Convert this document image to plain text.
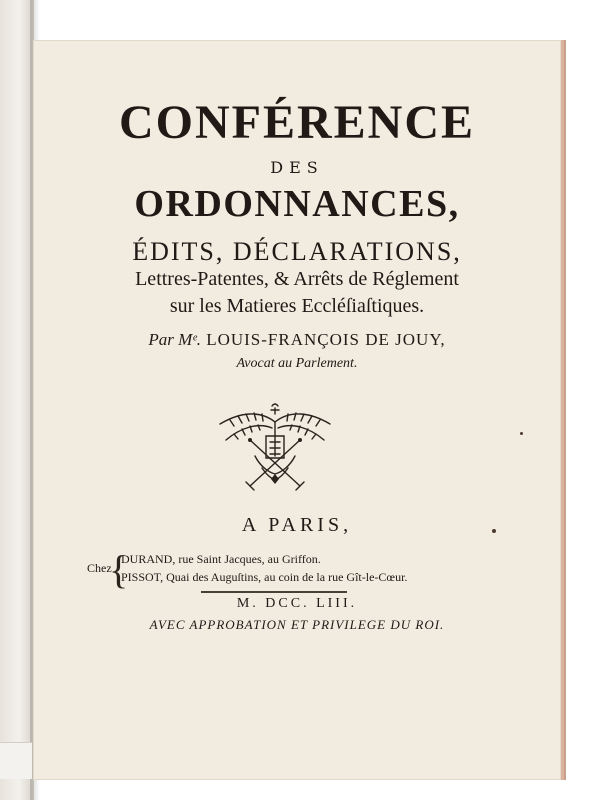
CONFÉRENCE
DES
ORDONNANCES,
ÉDITS, DÉCLARATIONS,
Lettres-Patentes, & Arrêts de Réglement
sur les Matieres Eccléſiaſtiques.
Par Mᵉ. LOUIS-FRANÇOIS DE JOUY,
Avocat au Parlement.
A PARIS,
Chez
{
DURAND, rue Saint Jacques, au Griffon.
PISSOT, Quai des Auguſtins, au coin de la rue Gît-le-Cœur.
M. DCC. LIII.
AVEC APPROBATION ET PRIVILEGE DU ROI.
